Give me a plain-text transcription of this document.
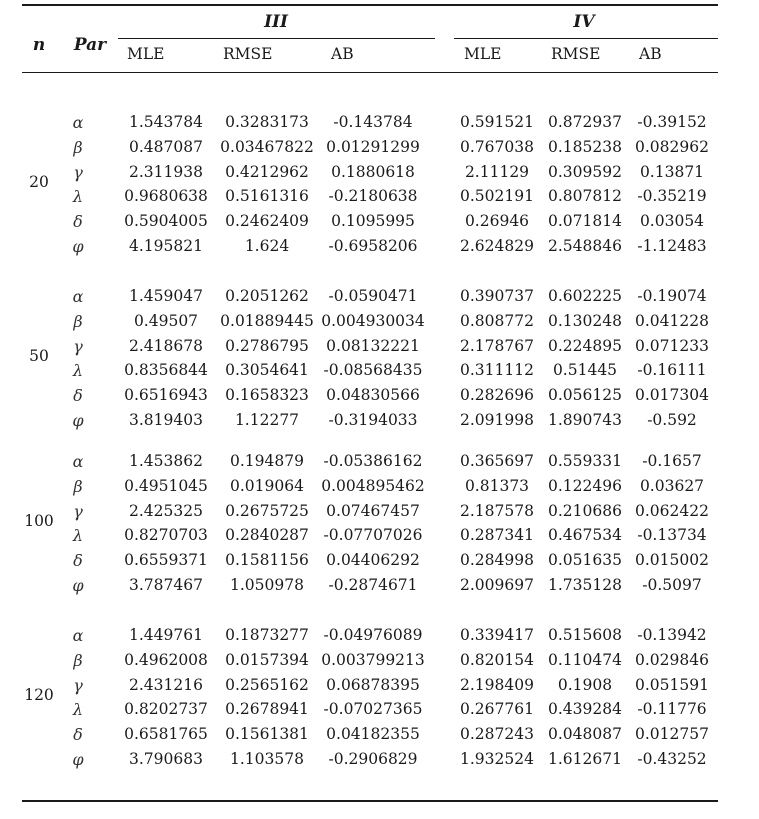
n Par
III	IV
MLE	RMSE	AB	MLE	RMSE AB
20
α	1.543784 0.3283173 -0.143784	0.591521 0.872937 -0.39152
β	0.487087 0.03467822 0.01291299	0.767038 0.185238 0.082962
γ	2.311938 0.4212962 0.1880618	2.11129 0.309592 0.13871
λ	0.9680638 0.5161316 -0.2180638	0.502191 0.807812 -0.35219
δ	0.5904005 0.2462409 0.1095995	0.26946 0.071814 0.03054
φ	4.195821	1.624	-0.6958206	2.624829 2.548846 -1.12483
50
α	1.459047 0.2051262 -0.0590471	0.390737 0.602225 -0.19074
β	0.49507 0.01889445 0.004930034 0.808772 0.130248 0.041228
γ	2.418678 0.2786795 0.08132221	2.178767 0.224895 0.071233
λ	0.8356844 0.3054641 -0.08568435 0.311112 0.51445 -0.16111
δ	0.6516943 0.1658323 0.04830566	0.282696 0.056125 0.017304
φ	3.819403 1.12277 -0.3194033	2.091998 1.890743 -0.592
100
α	1.453862 0.194879 -0.05386162 0.365697 0.559331 -0.1657
β	0.4951045 0.019064 0.004895462	0.81373 0.122496 0.03627
γ	2.425325 0.2675725 0.07467457	2.187578 0.210686 0.062422
λ	0.8270703 0.2840287 -0.07707026 0.287341 0.467534 -0.13734
δ	0.6559371 0.1581156 0.04406292	0.284998 0.051635 0.015002
φ	3.787467 1.050978 -0.2874671	2.009697 1.735128 -0.5097
120
α	1.449761 0.1873277 -0.04976089 0.339417 0.515608 -0.13942
β	0.4962008 0.0157394 0.003799213 0.820154 0.110474 0.029846
γ	2.431216 0.2565162 0.06878395	2.198409 0.1908 0.051591
λ	0.8202737 0.2678941 -0.07027365 0.267761 0.439284 -0.11776
δ	0.6581765 0.1561381 0.04182355	0.287243 0.048087 0.012757
φ	3.790683 1.103578 -0.2906829	1.932524 1.612671 -0.43252
